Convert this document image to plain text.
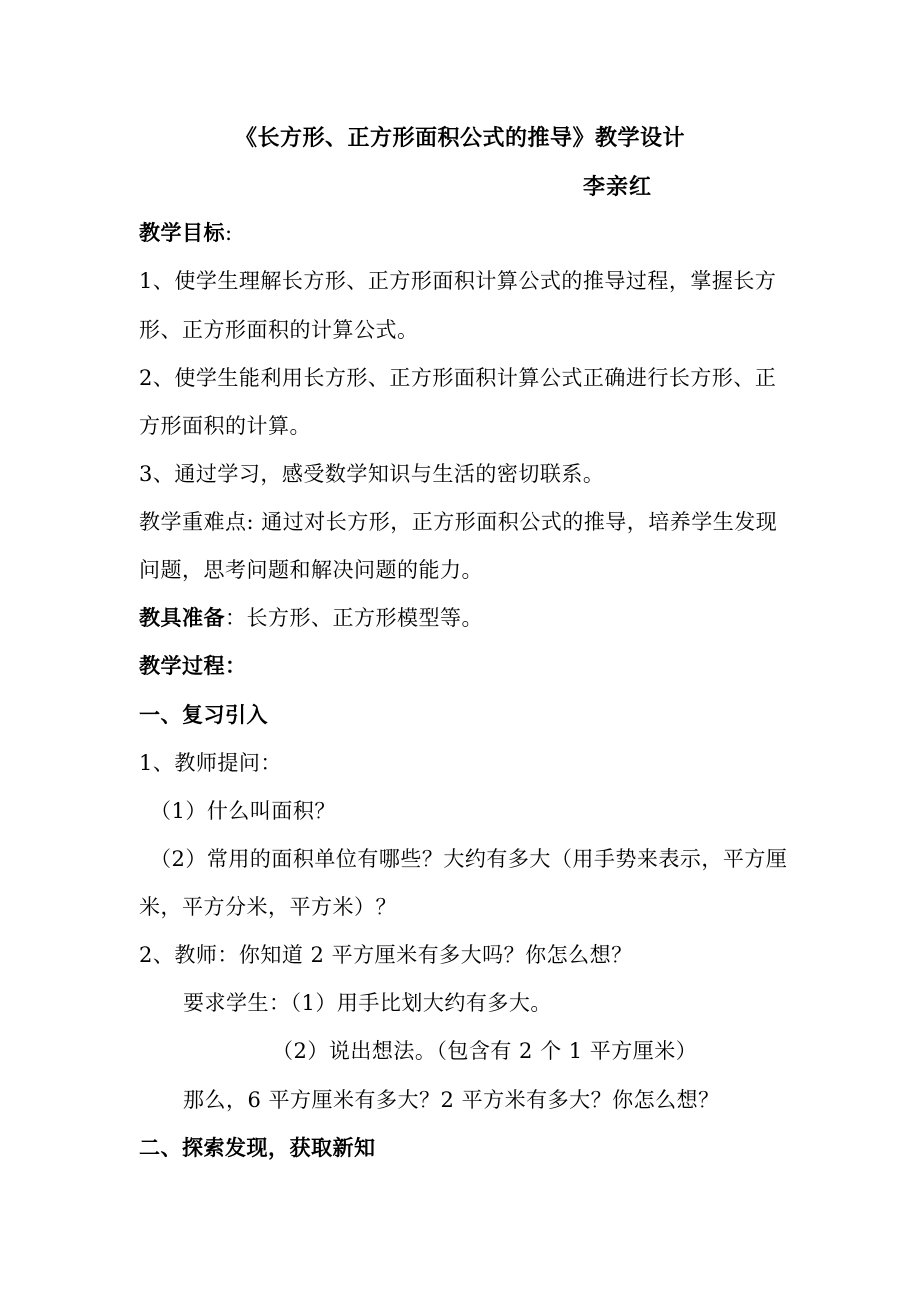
《长方形、正方形面积公式的推导》教学设计
李亲红
教学目标:
1、使学生理解长方形、正方形面积计算公式的推导过程，掌握长方
形、正方形面积的计算公式。
2、使学生能利用长方形、正方形面积计算公式正确进行长方形、正
方形面积的计算。
3、通过学习，感受数学知识与生活的密切联系。
教学重难点: 通过对长方形，正方形面积公式的推导，培养学生发现
问题，思考问题和解决问题的能力。
教具准备：长方形、正方形模型等。
教学过程：
一、复习引入
1、教师提问：
（1）什么叫面积？
（2）常用的面积单位有哪些？大约有多大（用手势来表示，平方厘
米，平方分米，平方米）？
2、教师：你知道 2 平方厘米有多大吗？你怎么想？
要求学生：（1）用手比划大约有多大。
（2）说出想法。（包含有 2 个 1 平方厘米）
那么，6 平方厘米有多大？2 平方米有多大？你怎么想？
二、探索发现，获取新知
